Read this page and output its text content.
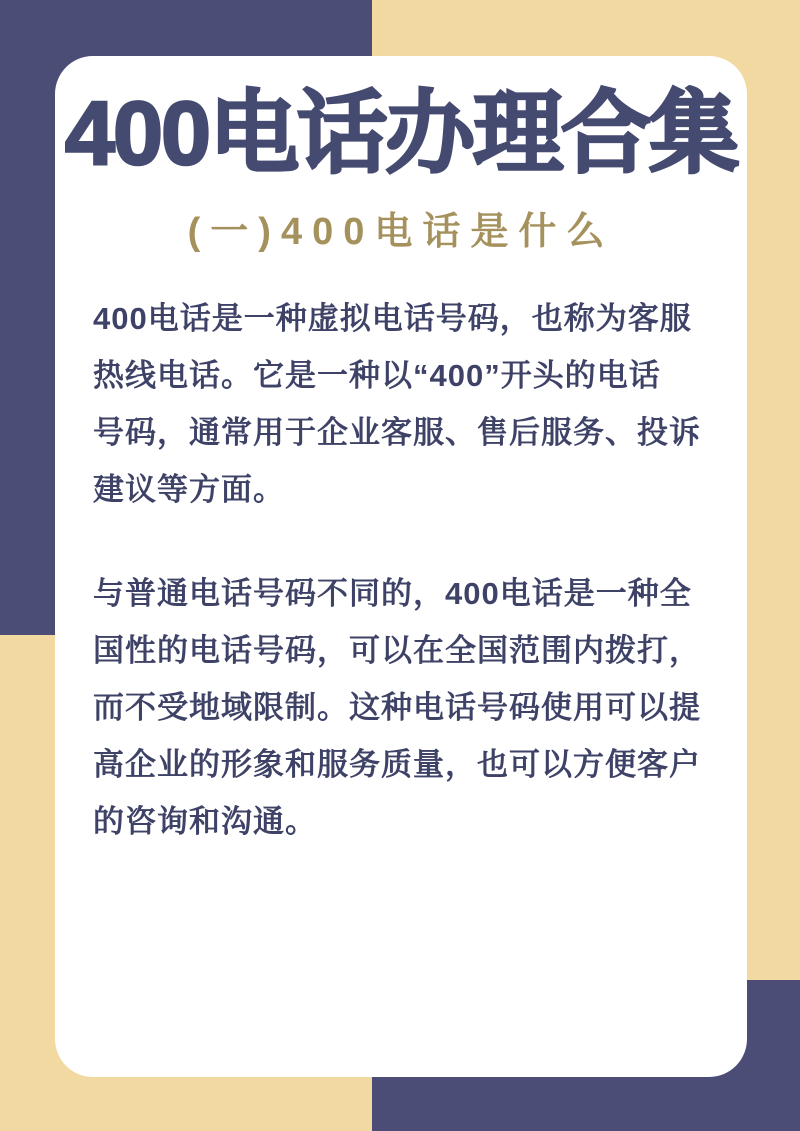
400电话办理合集
(一)400电话是什么
400电话是一种虚拟电话号码，也称为客服
热线电话。它是一种以“400”开头的电话
号码，通常用于企业客服、售后服务、投诉
建议等方面。
与普通电话号码不同的，400电话是一种全
国性的电话号码，可以在全国范围内拨打，
而不受地域限制。这种电话号码使用可以提
高企业的形象和服务质量，也可以方便客户
的咨询和沟通。
